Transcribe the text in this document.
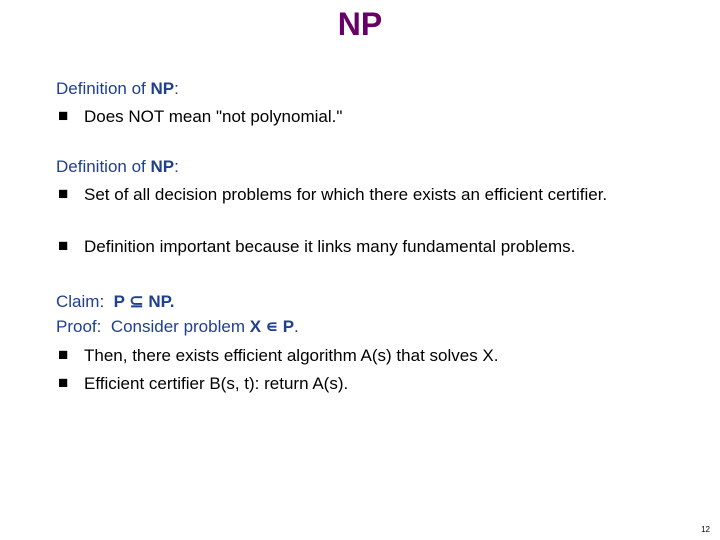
NP
Definition of NP:
■ Does NOT mean "not polynomial."
Definition of NP:
■ Set of all decision problems for which there exists an efficient certifier.
■ Definition important because it links many fundamental problems.
Claim: P ⊆ NP.
Proof: Consider problem X ∊ P.
■ Then, there exists efficient algorithm A(s) that solves X.
■ Efficient certifier B(s, t): return A(s).
12
